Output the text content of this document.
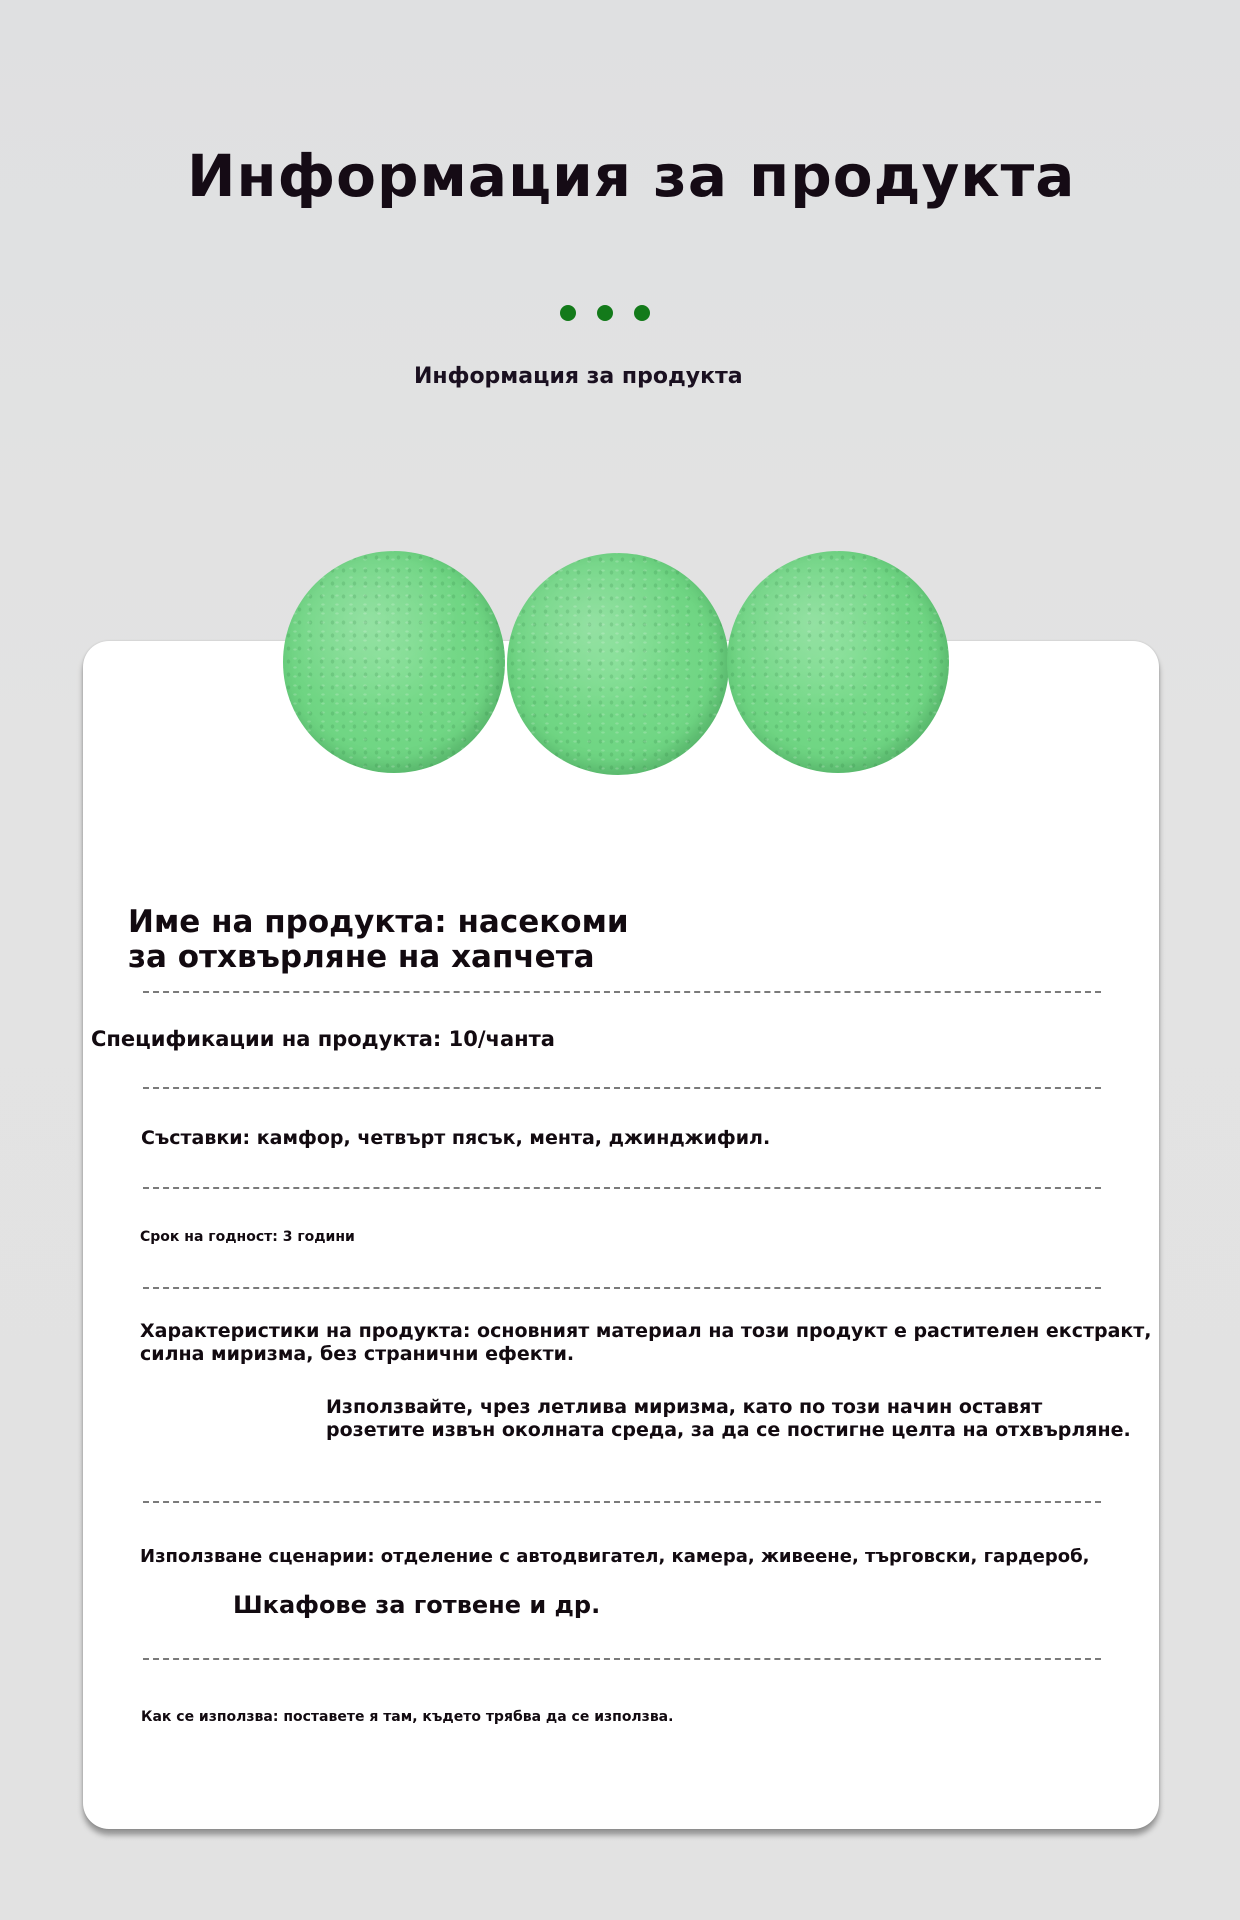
Информация за продукта
Информация за продукта
Име на продукта: насекоми
за отхвърляне на хапчета
Спецификации на продукта: 10/чанта
Съставки: камфор, четвърт пясък, мента, джинджифил.
Срок на годност: 3 години
Характеристики на продукта: основният материал на този продукт е растителен екстракт,
силна миризма, без странични ефекти.
Използвайте, чрез летлива миризма, като по този начин оставят
розетите извън околната среда, за да се постигне целта на отхвърляне.
Използване сценарии: отделение с автодвигател, камера, живеене, търговски, гардероб,
Шкафове за готвене и др.
Как се използва: поставете я там, където трябва да се използва.
